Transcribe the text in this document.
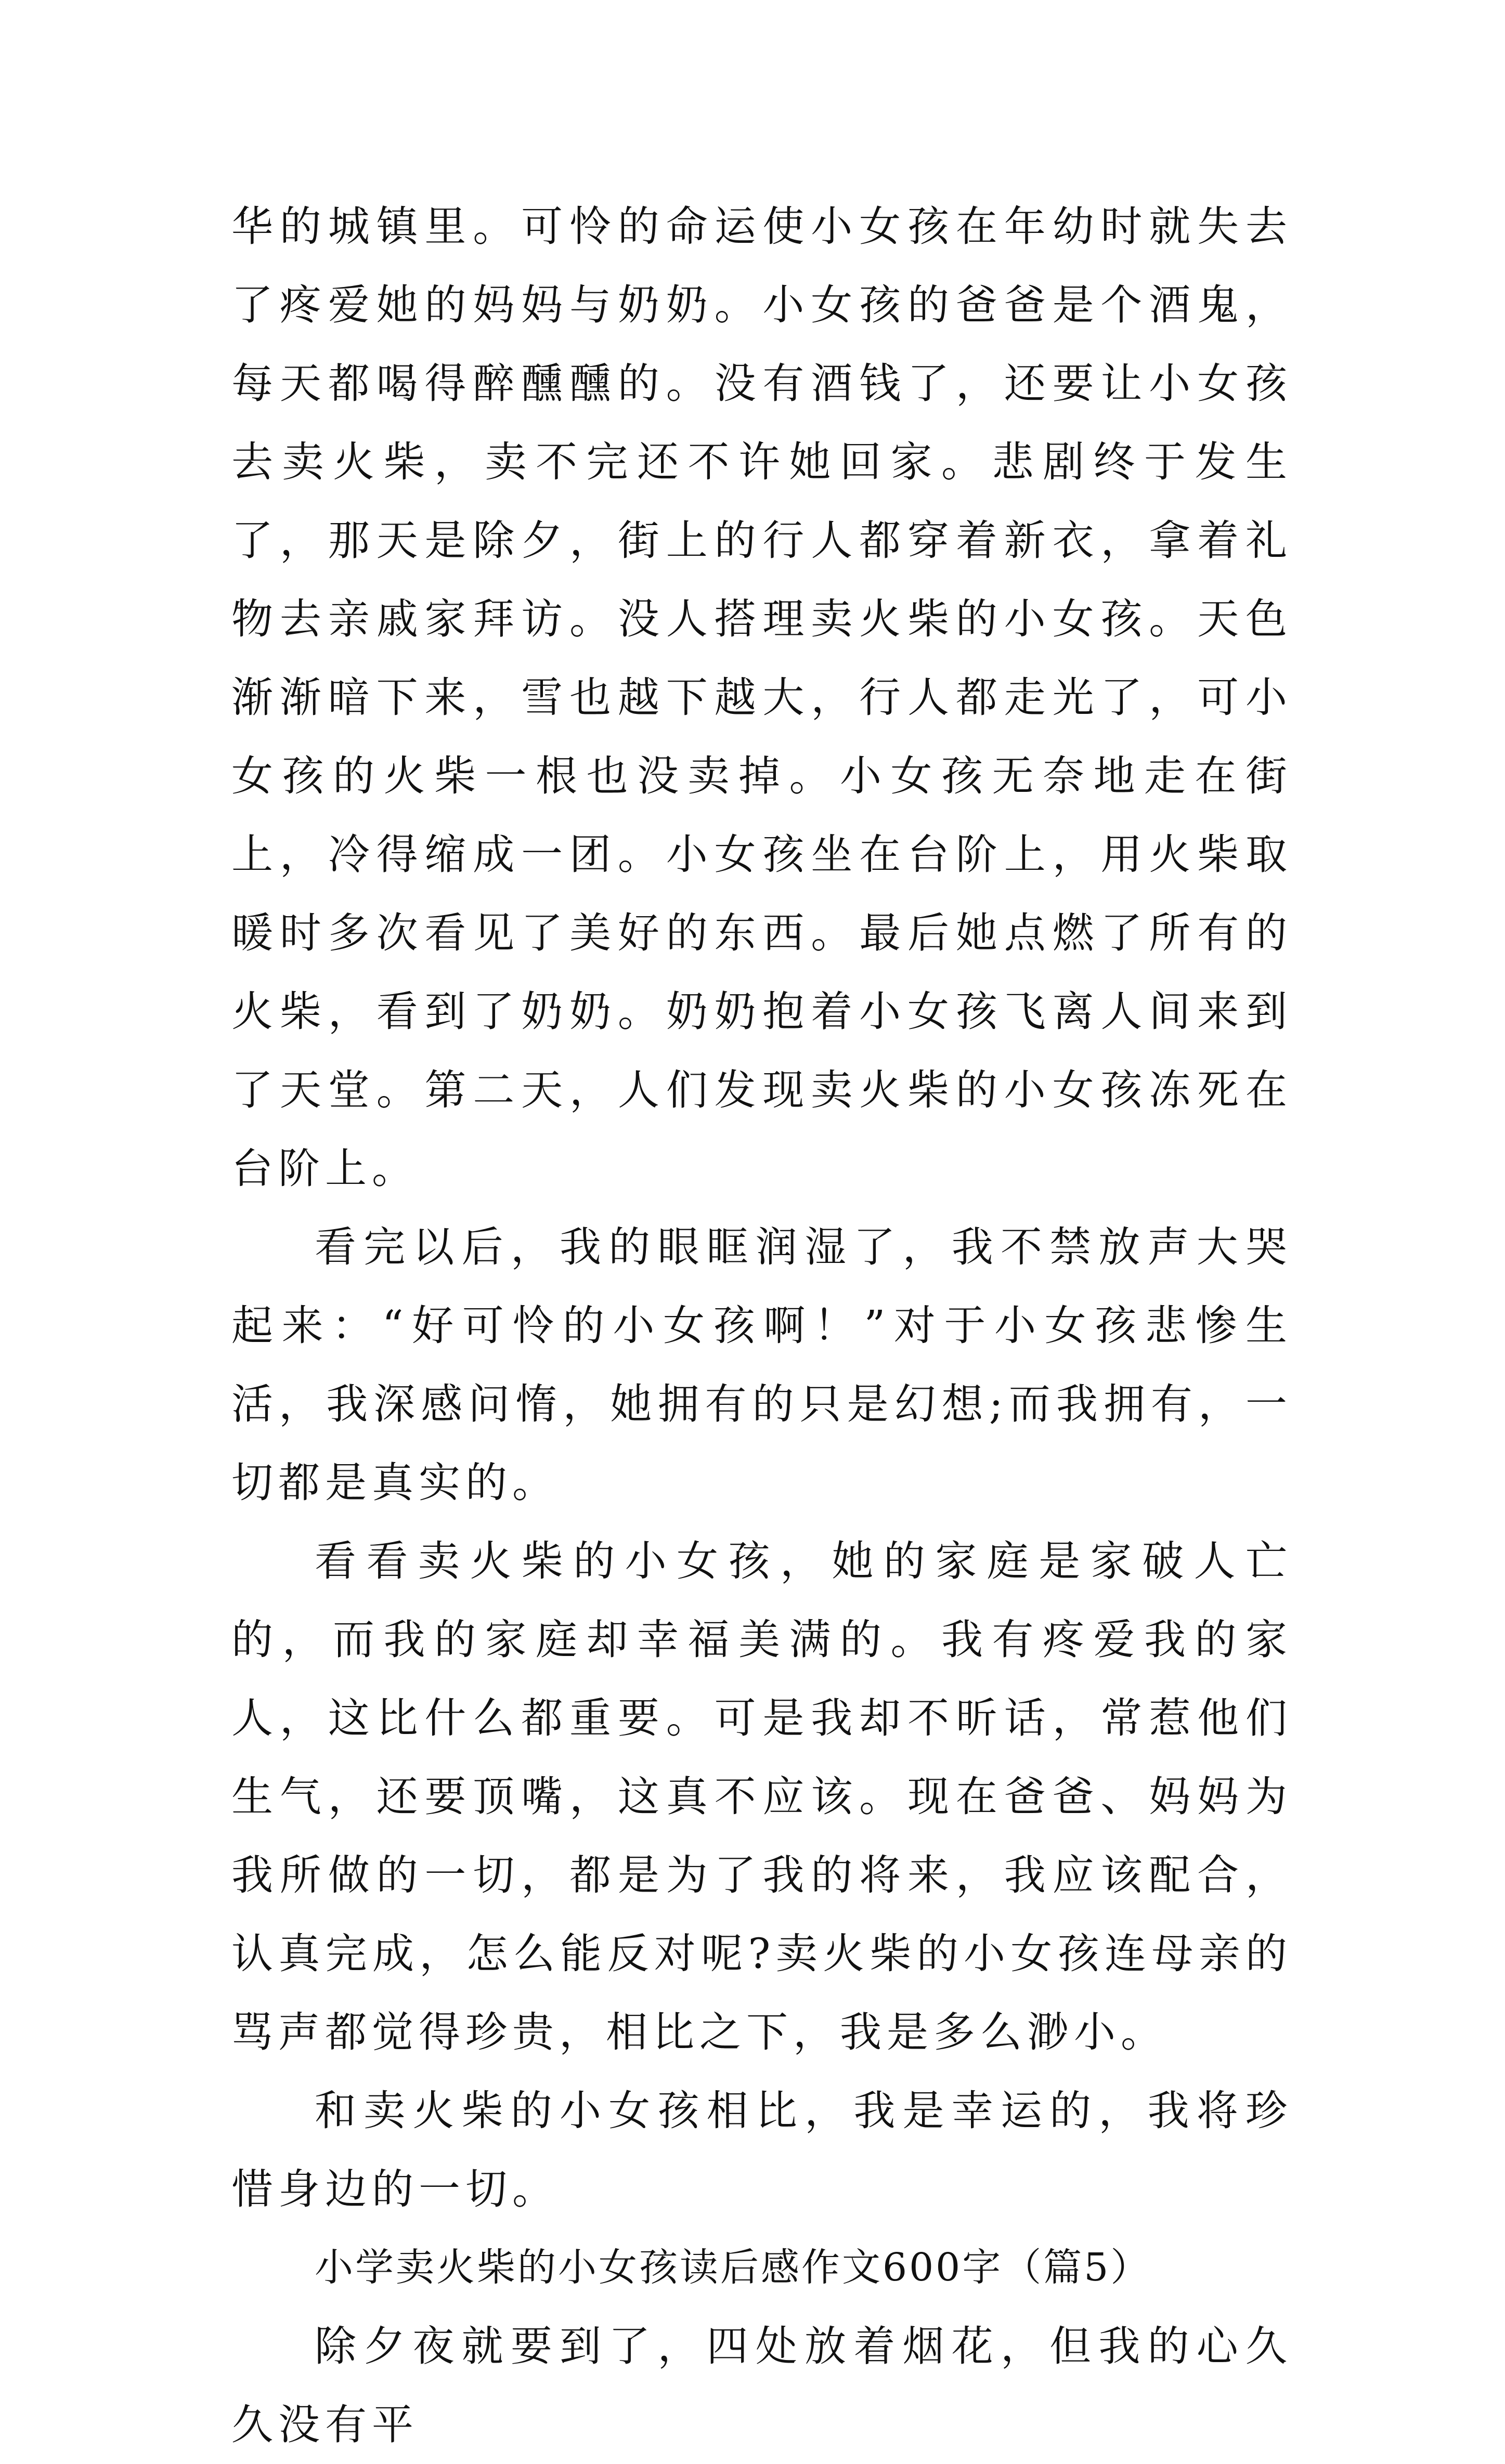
华的城镇里。可怜的命运使小女孩在年幼时就失去了疼爱她的妈妈与奶奶。小女孩的爸爸是个酒鬼，每天都喝得醉醺醺的。没有酒钱了，还要让小女孩去卖火柴，卖不完还不许她回家。悲剧终于发生了，那天是除夕，街上的行人都穿着新衣，拿着礼物去亲戚家拜访。没人搭理卖火柴的小女孩。天色渐渐暗下来，雪也越下越大，行人都走光了，可小女孩的火柴一根也没卖掉。小女孩无奈地走在街上，冷得缩成一团。小女孩坐在台阶上，用火柴取暖时多次看见了美好的东西。最后她点燃了所有的火柴，看到了奶奶。奶奶抱着小女孩飞离人间来到了天堂。第二天，人们发现卖火柴的小女孩冻死在台阶上。

看完以后，我的眼眶润湿了，我不禁放声大哭起来：“好可怜的小女孩啊！”对于小女孩悲惨生活，我深感问惰，她拥有的只是幻想;而我拥有，一切都是真实的。

看看卖火柴的小女孩，她的家庭是家破人亡的，而我的家庭却幸福美满的。我有疼爱我的家人，这比什么都重要。可是我却不昕话，常惹他们生气，还要顶嘴，这真不应该。现在爸爸、妈妈为我所做的一切，都是为了我的将来，我应该配合，认真完成，怎么能反对呢?卖火柴的小女孩连母亲的骂声都觉得珍贵，相比之下，我是多么渺小。

和卖火柴的小女孩相比，我是幸运的，我将珍惜身边的一切。

小学卖火柴的小女孩读后感作文600字（篇5）

除夕夜就要到了，四处放着烟花，但我的心久久没有平
